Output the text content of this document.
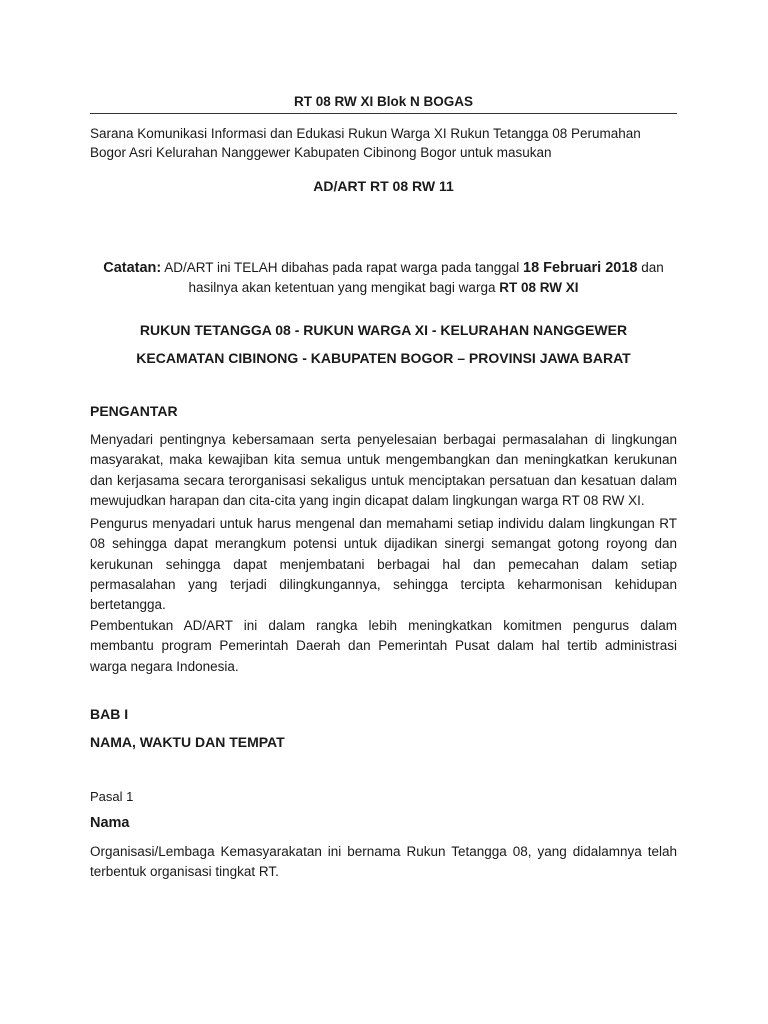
RT 08 RW XI Blok N BOGAS
Sarana Komunikasi Informasi dan Edukasi Rukun Warga XI Rukun Tetangga 08 Perumahan Bogor Asri Kelurahan Nanggewer Kabupaten Cibinong Bogor untuk masukan
AD/ART RT 08 RW 11
Catatan: AD/ART ini TELAH dibahas pada rapat warga pada tanggal 18 Februari 2018 dan hasilnya akan ketentuan yang mengikat bagi warga RT 08 RW XI
RUKUN TETANGGA 08 - RUKUN WARGA XI - KELURAHAN NANGGEWER
KECAMATAN CIBINONG - KABUPATEN BOGOR – PROVINSI JAWA BARAT
PENGANTAR

Menyadari pentingnya kebersamaan serta penyelesaian berbagai permasalahan di lingkungan masyarakat, maka kewajiban kita semua untuk mengembangkan dan meningkatkan kerukunan dan kerjasama secara terorganisasi sekaligus untuk menciptakan persatuan dan kesatuan dalam mewujudkan harapan dan cita-cita yang ingin dicapat dalam lingkungan warga RT 08 RW XI.

Pengurus menyadari untuk harus mengenal dan memahami setiap individu dalam lingkungan RT 08 sehingga dapat merangkum potensi untuk dijadikan sinergi semangat gotong royong dan kerukunan sehingga dapat menjembatani berbagai hal dan pemecahan dalam setiap permasalahan yang terjadi dilingkungannya, sehingga tercipta keharmonisan kehidupan bertetangga.

Pembentukan AD/ART ini dalam rangka lebih meningkatkan komitmen pengurus dalam membantu program Pemerintah Daerah dan Pemerintah Pusat dalam hal tertib administrasi warga negara Indonesia.

BAB I
NAMA, WAKTU DAN TEMPAT
Pasal 1
Nama

Organisasi/Lembaga Kemasyarakatan ini bernama Rukun Tetangga 08, yang didalamnya telah terbentuk organisasi tingkat RT.
